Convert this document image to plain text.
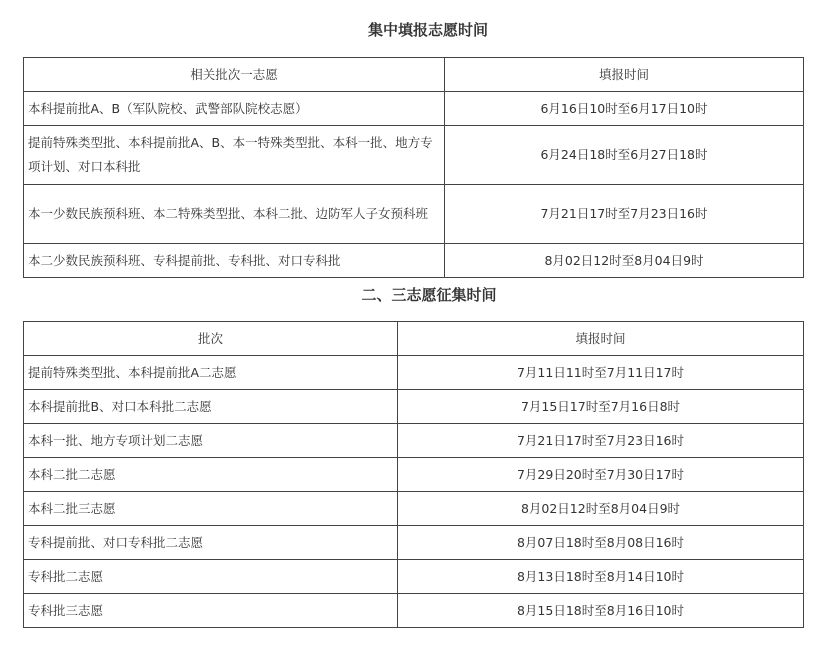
集中填报志愿时间
相关批次一志愿	填报时间
本科提前批A、B（军队院校、武警部队院校志愿）	6月16日10时至6月17日10时
提前特殊类型批、本科提前批A、B、本一特殊类型批、本科一批、地方专项计划、对口本科批	6月24日18时至6月27日18时
本一少数民族预科班、本二特殊类型批、本科二批、边防军人子女预科班	7月21日17时至7月23日16时
本二少数民族预科班、专科提前批、专科批、对口专科批	8月02日12时至8月04日9时
二、三志愿征集时间
批次	填报时间
提前特殊类型批、本科提前批A二志愿	7月11日11时至7月11日17时
本科提前批B、对口本科批二志愿	7月15日17时至7月16日8时
本科一批、地方专项计划二志愿	7月21日17时至7月23日16时
本科二批二志愿	7月29日20时至7月30日17时
本科二批三志愿	8月02日12时至8月04日9时
专科提前批、对口专科批二志愿	8月07日18时至8月08日16时
专科批二志愿	8月13日18时至8月14日10时
专科批三志愿	8月15日18时至8月16日10时
